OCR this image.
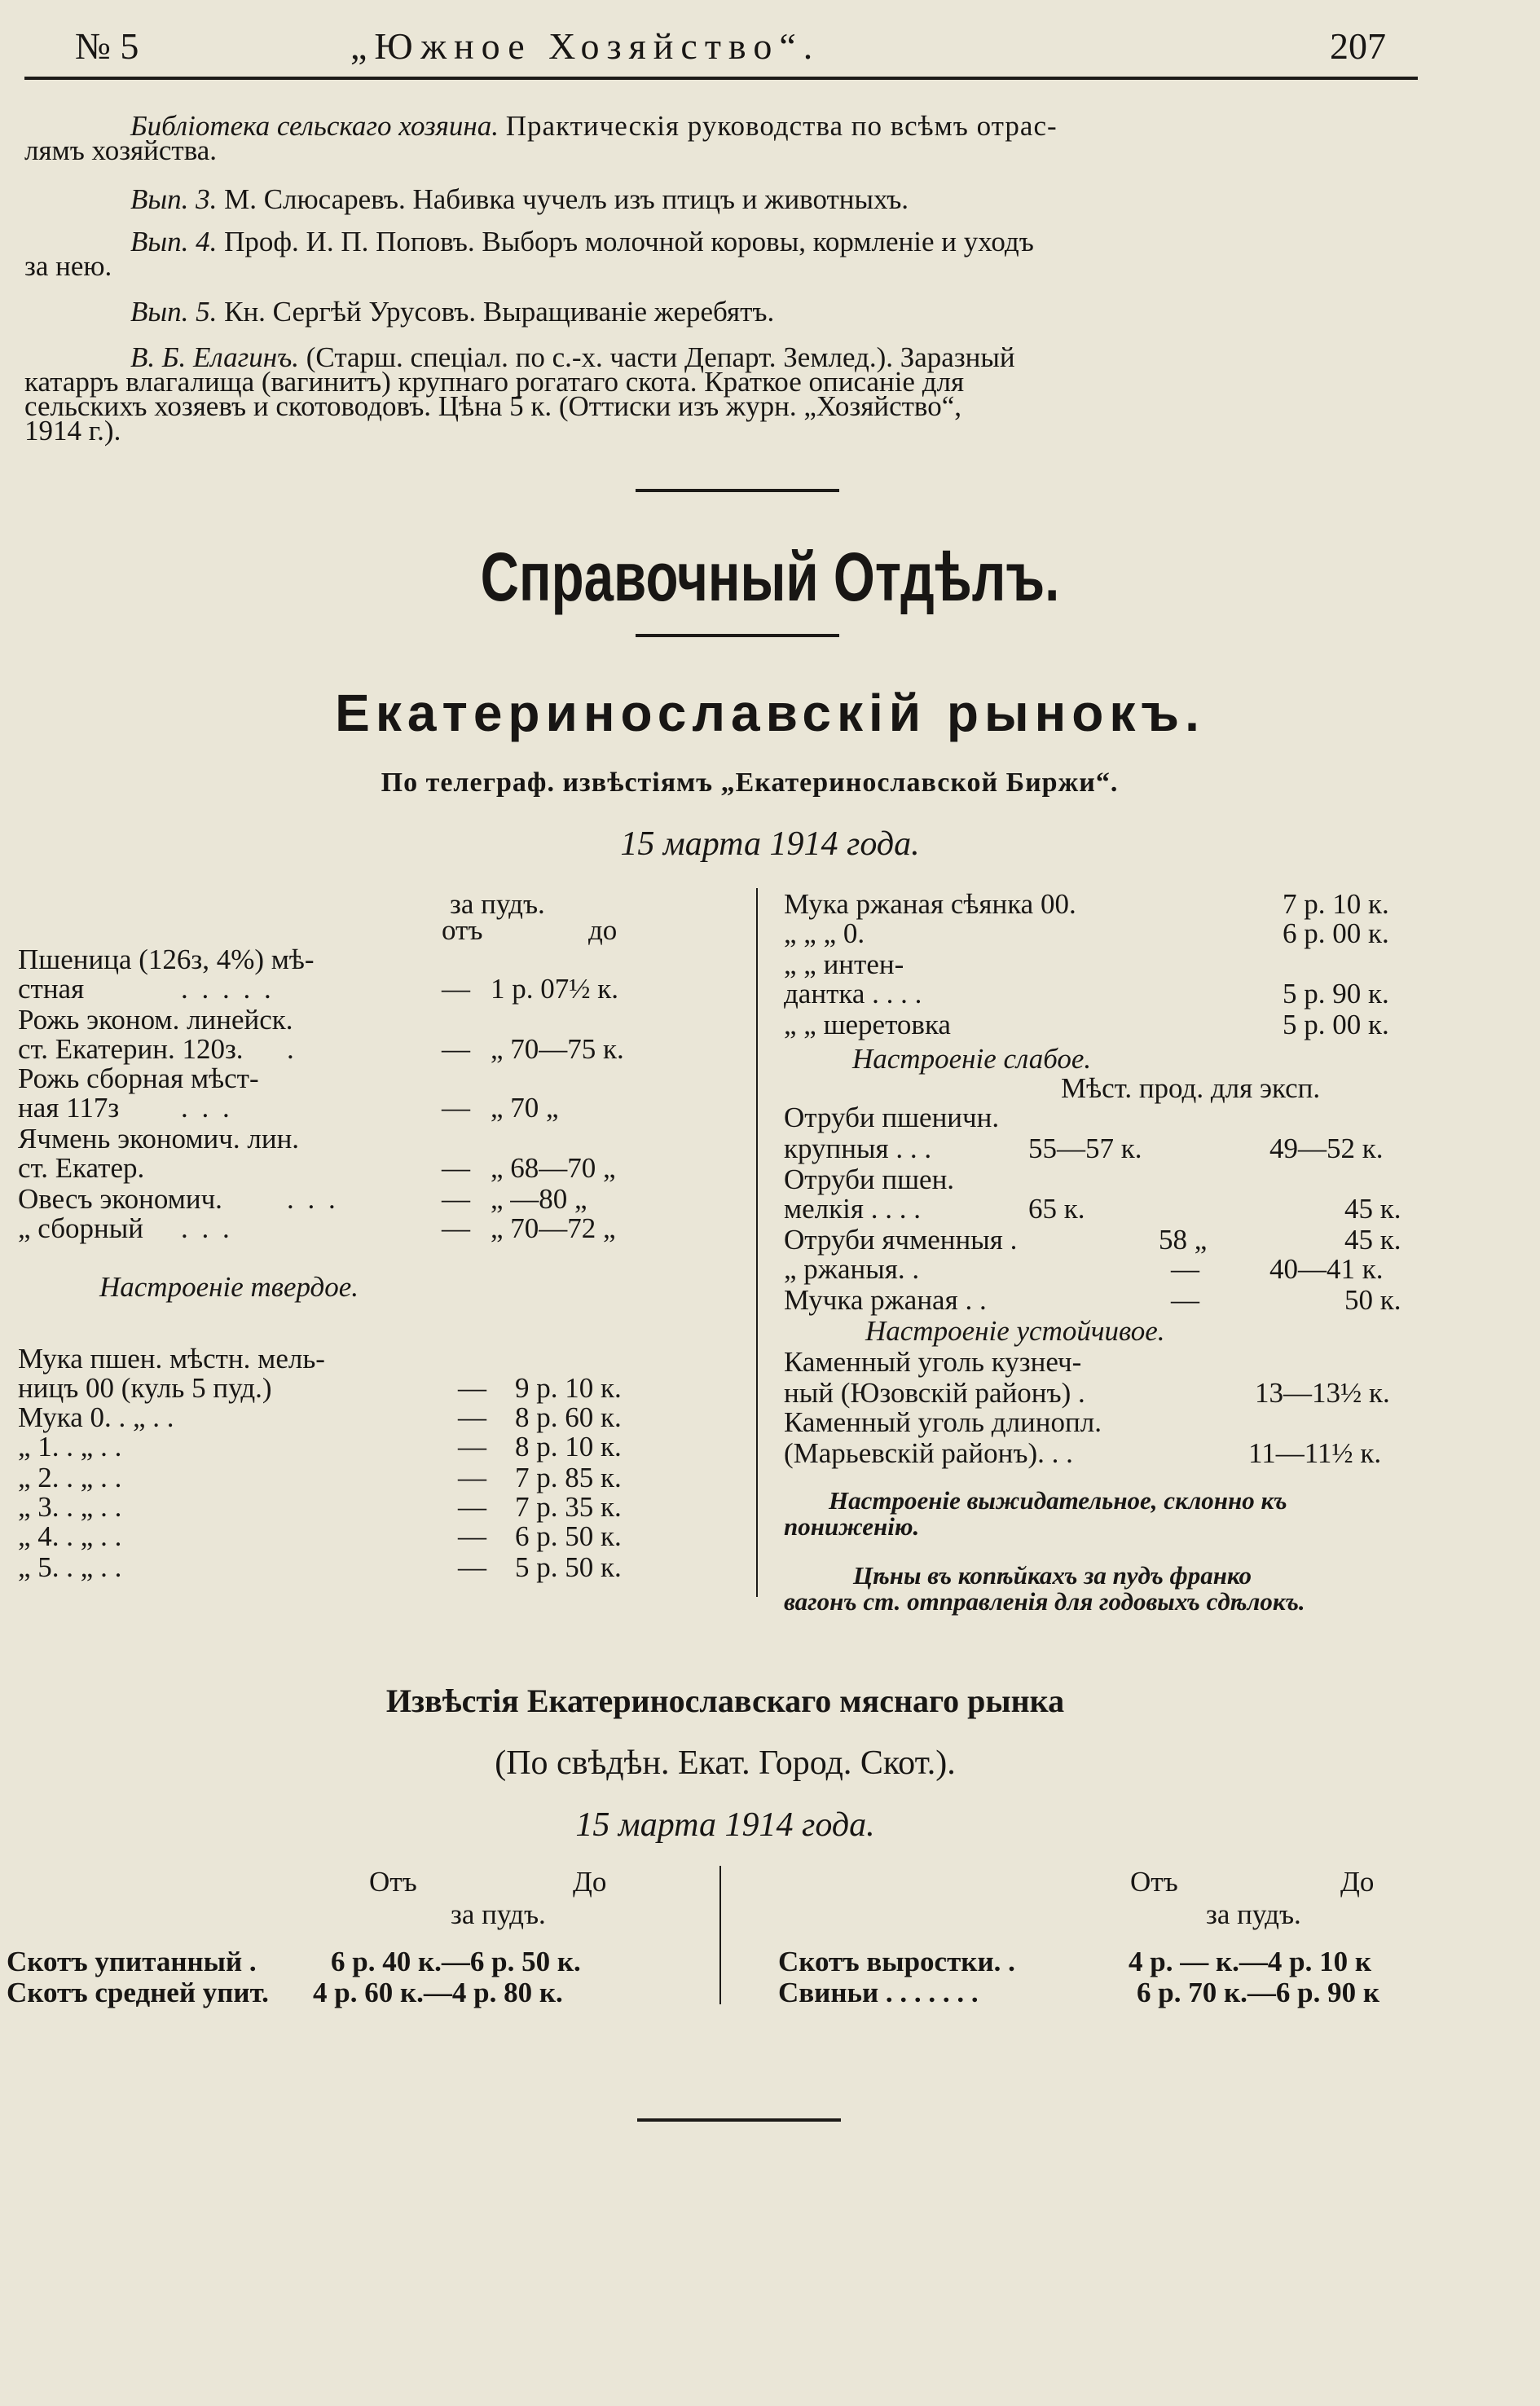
№ 5	„Южное Хозяйство“.	207
Библіотека сельскаго хозяина. Практическія руководства по всѣмъ отрас-
лямъ хозяйства.
Вып. 3. М. Слюсаревъ. Набивка чучелъ изъ птицъ и животныхъ.
Вып. 4. Проф. И. П. Поповъ. Выборъ молочной коровы, кормленіе и уходъ
за нею.
Вып. 5. Кн. Сергѣй Урусовъ. Выращиваніе жеребятъ.
В. Б. Елагинъ. (Старш. спеціал. по с.-х. части Департ. Землед.). Заразный
катарръ влагалища (вагинитъ) крупнаго рогатаго скота. Краткое описаніе для
сельскихъ хозяевъ и скотоводовъ. Цѣна 5 к. (Оттиски изъ журн. „Хозяйство“,
1914 г.).
Справочный Отдѣлъ.
Екатеринославскій рынокъ.
По телеграф. извѣстіямъ „Екатеринославской Биржи“.
15 марта 1914 года.
за пудъ.
отъ	до
Пшеница (126з, 4%) мѣ-
стная	. . . . .	— 1 р. 07½ к.
Рожь эконом. линейск.
ст. Екатерин. 120з. .	— „ 70—75 к.
Рожь сборная мѣст-
ная 117з . . .	— „ 70 „
Ячмень экономич. лин.
ст. Екатер.	— „ 68—70 „
Овесъ экономич. . . .	— „ —80 „
„ сборный . . .	— „ 70—72 „
Настроеніе твердое.
Мука пшен. мѣстн. мель-
ницъ 00 (куль 5 пуд.)	— 9 р. 10 к.
Мука 0. . „ . .	— 8 р. 60 к.
„ 1. . „ . .	— 8 р. 10 к.
„ 2. . „ . .	— 7 р. 85 к.
„ 3. . „ . .	— 7 р. 35 к.
„ 4. . „ . .	— 6 р. 50 к.
„ 5. . „ . .	— 5 р. 50 к.
Мука ржаная сѣянка 00.	7 р. 10 к.
„ „ „ 0.	6 р. 00 к.
„ „ интен-
дантка . . . .	5 р. 90 к.
„ „ шеретовка	5 р. 00 к.
Настроеніе слабое.
Мѣст. прод. для эксп.
Отруби пшеничн.
крупныя . . .	55—57 к.	49—52 к.
Отруби пшен.
мелкія . . . .	65 к.	45 к.
Отруби ячменныя .	58 „	45 к.
„ ржаныя. .	— 40—41 к.
Мучка ржаная . .	—	50 к.
Настроеніе устойчивое.
Каменный уголь кузнеч-
ный (Юзовскій районъ) .	13—13½ к.
Каменный уголь длинопл.
(Марьевскій районъ). . .	11—11½ к.
Настроеніе выжидательное, склонно къ
пониженію.
Цѣны въ копѣйкахъ за пудъ франко
вагонъ ст. отправленія для годовыхъ сдѣлокъ.
Извѣстія Екатеринославскаго мяснаго рынка
(По свѣдѣн. Екат. Город. Скот.).
15 марта 1914 года.
Отъ	До
за пудъ.
Скотъ упитанный .	6 р. 40 к.—6 р. 50 к.
Скотъ средней упит. 4 р. 60 к.—4 р. 80 к.
Отъ	До
за пудъ.
Скотъ выростки. .	4 р. — к.—4 р. 10 к
Свиньи . . . . . . .	6 р. 70 к.—6 р. 90 к
